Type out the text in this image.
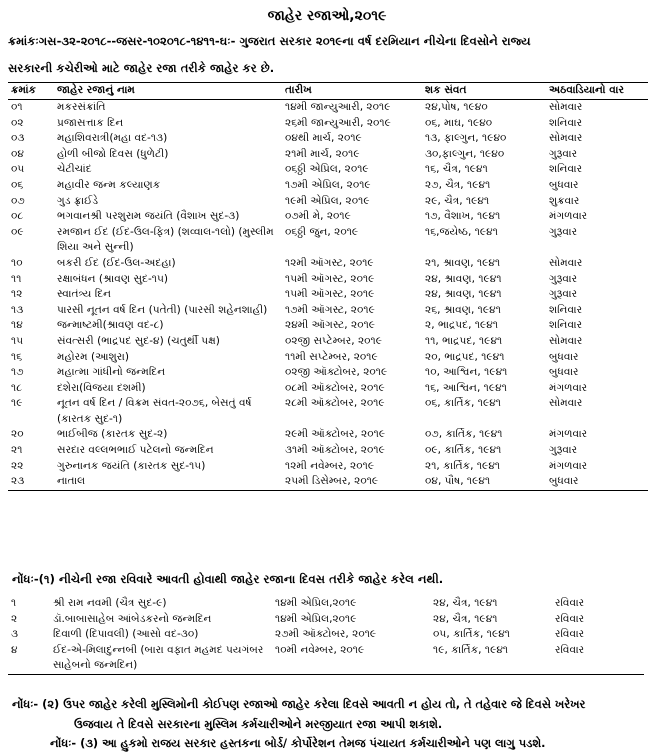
જાહેર રજાઓ,૨૦૧૯
ક્રમાંકઃગસ-૩૨-૨૦૧૮--જસર-૧૦૨૦૧૮-૧૪૧૧-ઘઃ- ગુજરાત સરકાર ૨૦૧૯ના વર્ષ દરમિયાન નીચેના દિવસોને રાજ્ય
સરકારની કચેરીઓ માટે જાહેર રજા તરીકે જાહેર કર છે.
ક્રમાંક	જાહેર રજાનું નામ	તારીખ	શક સંવત	અઠવાડિયાનો વાર
૦૧	મકરસંક્રાંતિ	૧૪મી જાન્યુઆરી, ૨૦૧૯	૨૪,પોષ, ૧૯૪૦	સોમવાર
૦૨	પ્રજાસત્તાક દિન	૨૬મી જાન્યુઆરી, ૨૦૧૯	૦૬, માઘ, ૧૯૪૦	શનિવાર
૦૩	મહાશિવરાત્રી(મહા વદ-૧૩)	૦૪થી માર્ચ, ૨૦૧૯	૧૩, ફાલ્ગુન, ૧૯૪૦	સોમવાર
૦૪	હોળી બીજો દિવસ (ધુળેટી)	૨૧મી માર્ચ, ૨૦૧૯	૩૦,ફાલ્ગુન, ૧૯૪૦	ગુરૂવાર
૦૫	ચેટીચાંદ	૦૬ઠ્ઠી એપ્રિલ, ૨૦૧૯	૧૬, ચૈત્ર, ૧૯૪૧	શનિવાર
૦૬	મહાવીર જન્મ કલ્યાણક	૧૭મી એપ્રિલ, ૨૦૧૯	૨૭, ચૈત્ર, ૧૯૪૧	બુધવાર
૦૭	ગુડ ફ્રાઈડે	૧૯મી એપ્રિલ, ૨૦૧૯	૨૯, ચૈત્ર, ૧૯૪૧	શુક્રવાર
૦૮	ભગવાનશ્રી પરશુરામ જયંતિ (વૈશાખ સુદ-૩)	૦૭મી મે, ૨૦૧૯	૧૭, વૈશાખ, ૧૯૪૧	મંગળવાર
૦૯	રમજાન ઈદ (ઈદ-ઉલ-ફિત્ર) (શવ્વાલ-૧લો) (મુસ્લીમ શિયા અને સુન્ની)	૦૬ઠ્ઠી જુન, ૨૦૧૯	૧૬,જયેષ્ઠ, ૧૯૪૧	ગુરૂવાર
૧૦	બકરી ઈદ (ઈદ-ઉલ-અદહા)	૧૨મી ઑગસ્ટ, ૨૦૧૯	૨૧, શ્રાવણ, ૧૯૪૧	સોમવાર
૧૧	રક્ષાબંધન (શ્રાવણ સુદ-૧૫)	૧૫મી ઑગસ્ટ, ૨૦૧૯	૨૪, શ્રાવણ, ૧૯૪૧	ગુરૂવાર
૧૨	સ્વાતંત્ર્ય દિન	૧૫મી ઑગસ્ટ, ૨૦૧૯	૨૪, શ્રાવણ, ૧૯૪૧	ગુરૂવાર
૧૩	પારસી નૂતન વર્ષ દિન (પતેતી) (પારસી શહેનશાહી)	૧૭મી ઑગસ્ટ, ૨૦૧૯	૨૬, શ્રાવણ, ૧૯૪૧	શનિવાર
૧૪	જન્માષ્ટમી(શ્રાવણ વદ-૮)	૨૪મી ઑગસ્ટ, ૨૦૧૯	૨, ભાદ્રપદ, ૧૯૪૧	શનિવાર
૧૫	સંવત્સરી (ભાદ્રપદ સુદ-૪) (ચતુર્થી પક્ષ)	૦૨જી સપ્ટેમ્બર, ૨૦૧૯	૧૧, ભાદ્રપદ, ૧૯૪૧	સોમવાર
૧૬	મહોરમ (આશુરા)	૧૧મી સપ્ટેમ્બર, ૨૦૧૯	૨૦, ભાદ્રપદ, ૧૯૪૧	બુધવાર
૧૭	મહાત્મા ગાંધીનો જન્મદિન	૦૨જી ઑક્ટોબર, ૨૦૧૯	૧૦, આશ્વિન, ૧૯૪૧	બુધવાર
૧૮	દશેરા(વિજયા દશમી)	૦૮મી ઑક્ટોબર, ૨૦૧૯	૧૬, આશ્વિન, ૧૯૪૧	મંગળવાર
૧૯	નૂતન વર્ષ દિન / વિક્રમ સંવત-૨૦૭૬, બેસતું વર્ષ (કારતક સુદ-૧)	૨૮મી ઑક્ટોબર, ૨૦૧૯	૦૬, કાર્તિક, ૧૯૪૧	સોમવાર
૨૦	ભાઈબીજ (કારતક સુદ-૨)	૨૯મી ઑક્ટોબર, ૨૦૧૯	૦૭, કાર્તિક, ૧૯૪૧	મંગળવાર
૨૧	સરદાર વલ્લભભાઈ પટેલનો જન્મદિન	૩૧મી ઑક્ટોબર, ૨૦૧૯	૦૯, કાર્તિક, ૧૯૪૧	ગુરૂવાર
૨૨	ગુરુનાનક જયંતિ (કારતક સુદ-૧૫)	૧૨મી નવેમ્બર, ૨૦૧૯	૨૧, કાર્તિક, ૧૯૪૧	મંગળવાર
૨૩	નાતાલ	૨૫મી ડિસેમ્બર, ૨૦૧૯	૦૪, પૌષ, ૧૯૪૧	બુધવાર
નોંધઃ-(૧) નીચેની રજા રવિવારે આવતી હોવાથી જાહેર રજાના દિવસ તરીકે જાહેર કરેલ નથી.
૧	શ્રી રામ નવમી (ચૈત્ર સુદ-૯)	૧૪મી એપ્રિલ,૨૦૧૯	૨૪, ચૈત્ર, ૧૯૪૧	રવિવાર
૨	ડૉ.બાબાસાહેબ આંબેડકરનો જન્મદિન	૧૪મી એપ્રિલ,૨૦૧૯	૨૪, ચૈત્ર, ૧૯૪૧	રવિવાર
૩	દિવાળી (દિપાવલી) (આસો વદ-૩૦)	૨૭મી ઑક્ટોબર, ૨૦૧૯	૦૫, કાર્તિક, ૧૯૪૧	રવિવાર
૪	ઈદ-એ-મિલાદુન્નબી (બારા વફાત મહમદ પયગંબર સાહેબનો જન્મદિન)	૧૦મી નવેમ્બર, ૨૦૧૯	૧૯, કાર્તિક, ૧૯૪૧	રવિવાર
નોંધઃ- (૨) ઉપર જાહેર કરેલી મુસ્લિમોની કોઈપણ રજાઓ જાહેર કરેલા દિવસે આવતી ન હોય તો, તે તહેવાર જે દિવસે ખરેખર
ઉજવાય તે દિવસે સરકારના મુસ્લિમ કર્મચારીઓને મરજીયાત રજા આપી શકાશે.
નોંધઃ- (૩) આ હુકમો રાજય સરકાર હસ્તકના બોર્ડ/ કોર્પોરેશન તેમજ પંચાયત કર્મચારીઓને પણ લાગુ પડશે.
